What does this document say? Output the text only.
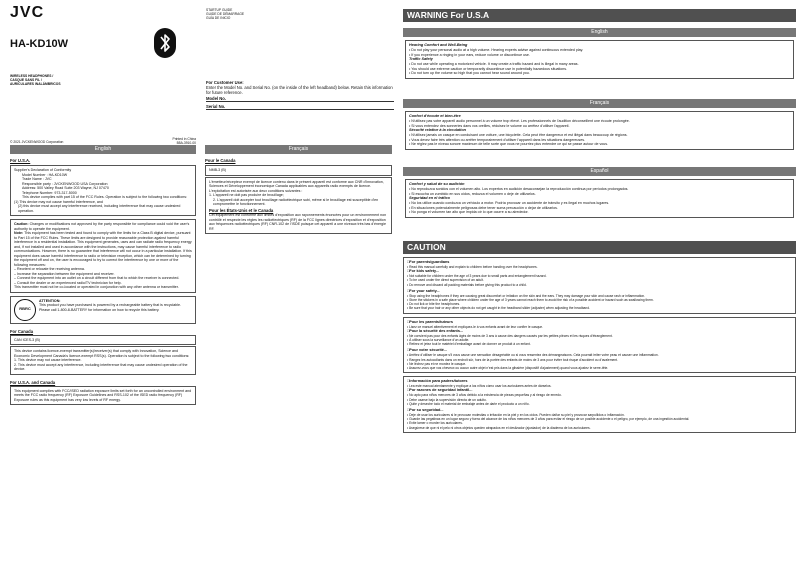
JVC
HA-KD10W

WIRELESS HEADPHONES /

CASQUE SANS FIL /

AURICULARES INALÁMBRICOS

© 2021 JVCKENWOOD Corporation

STARTUP GUIDE

GUIDE DE DÉMARRAGE

GUÍA DE INICIO

Printed in China

B5A-3910-00

For Customer Use:
Enter the Model No. and Serial No. (on the inside of the left headband) below. Retain this information for future reference.
Model No.
Serial No.
English
For U.S.A.

Supplier's Declaration of Conformity

Model Number : HA-KD10W

Trade Name : JVC

Responsible party : JVCKENWOOD USA Corporation

Address: 500 Valley Road Suite 203 Wayne, NJ 07470

Telephone Number: 973-317-5000

This device complies with part 15 of the FCC Rules. Operation is subject to the following two conditions:

(1) This device may not cause harmful interference, and

(2) this device must accept any interference received, including interference that may cause undesired operation.

Caution: Changes or modifications not approved by the party responsible for compliance could void the user's authority to operate the equipment.

Note: This equipment has been tested and found to comply with the limits for a Class B digital device, pursuant to Part 15 of the FCC Rules. These limits are designed to provide reasonable protection against harmful interference in a residential installation. This equipment generates, uses and can radiate radio frequency energy and, if not installed and used in accordance with the instructions, may cause harmful interference to radio communications. However, there is no guarantee that interference will not occur in a particular installation. If this equipment does cause harmful interference to radio or television reception, which can be determined by turning the equipment off and on, the user is encouraged to try to correct the interference by one or more of the following measures:

– Reorient or relocate the receiving antenna.

– Increase the separation between the equipment and receiver.

– Connect the equipment into an outlet on a circuit different from that to which the receiver is connected.

– Consult the dealer or an experienced radio/TV technician for help.

This transmitter must not be co-located or operated in conjunction with any other antenna or transmitter.

RBRC

ATTENTION:

This product you have purchased is powered by a rechargeable battery that is recyclable. Please call 1-800-8-BATTERY for information on how to recycle this battery.

For Canada
CAN ICES-3 (B)

This device contains licence-exempt transmitter(s)/receiver(s) that comply with Innovation, Science and Economic Development Canada's licence-exempt RSS(s). Operation is subject to the following two conditions:

1. This device may not cause interference.

2. This device must accept any interference, including interference that may cause undesired operation of the device.

For U.S.A. and Canada
This equipment complies with FCC/ISED radiation exposure limits set forth for an uncontrolled environment and meets the FCC radio frequency (RF) Exposure Guidelines and RSS-102 of the ISED radio frequency (RF) Exposure rules as this equipment has very low levels of RF energy.
Français
Pour le Canada
NMB-3 (B)

L'émetteur/récepteur exempt de licence contenu dans le présent appareil est conforme aux CNR d'Innovation, Sciences et Développement économique Canada applicables aux appareils radio exempts de licence. L'exploitation est autorisée aux deux conditions suivantes :

1. L'appareil ne doit pas produire de brouillage;

2. L'appareil doit accepter tout brouillage radioélectrique subi, même si le brouillage est susceptible d'en compromettre le fonctionnement.

Pour les États-Unis et le Canada

Cet équipement est conforme aux limites d'exposition aux rayonnements énoncées pour un environnement non contrôlé et respecte les règles les radioélectriques (RF) de la FCC lignes directrices d'exposition et d'exposition aux fréquences radioélectriques (RF) CNR-102 de l'ISDE puisque cet appareil a une niveaux très bas d'énergie RF.

WARNING For U.S.A
English

Hearing Comfort and Well-Being

• Do not play your personal audio at a high volume. Hearing experts advise against continuous extended play.

• If you experience a ringing in your ears, reduce volume or discontinue use.

Traffic Safety

• Do not use while operating a motorized vehicle. It may create a traffic hazard and is illegal in many areas.

• You should use extreme caution or temporarily discontinue use in potentially hazardous situations.

• Do not turn up the volume so high that you cannot hear sound around you.

Français

Confort d'écoute et bien-être

• N'utilisez pas votre appareil audio personnel à un volume trop élevé. Les professionnels de l'audition déconseillent une écoute prolongée.

• Si vous entendez des sonneries dans vos oreilles, réduisez le volume ou arrêtez d'utiliser l'appareil.

Sécurité relative à la circulation

• N'utilisez jamais un casque en conduisant une voiture, une bicyclette. Cela peut être dangereux et est illégal dans beaucoup de régions.

• Vous devez faire très attention ou arrêter temporairement d'utiliser l'appareil dans les situations dangereuses.

• Ne réglez pas le niveau sonore maximum de telle sorte que vous ne pourriez plus entendre ce qui se passe autour de vous.

Español

Confort y salud de su audición

• No reproduzca sonidos con el volumen alto. Los expertos en audición desaconsejan la reproducción continua por períodos prolongados.

• Si escucha un zumbido en sus oídos, reduzca el volumen o deje de utilizarlos.

Seguridad en el tráfico

• No los utilice cuando conduzca un vehículo a motor. Podría provocar un accidente de tránsito y es ilegal en muchos lugares.

• En situaciones potencialmente peligrosas debe tener suma precaución o dejar de utilizarlos.

• No ponga el volumen tan alto que impida oír lo que ocurre a su alrededor.

CAUTION

□For parents/guardians

• Read this manual carefully and explain to children before handing over the headphones.

□For kids safety...

• Not suitable for children under the age of 3 years due to small parts and entanglement hazard.

• To be used under the direct supervision of an adult.

• Do remove and discard all packing materials before giving this product to a child.

□For your safety...

• Stop using the headphones if they are causing great discomfort or irritation on the skin and the ears. They may damage your skin and cause rash or inflammation.

• Store the stickers in a safe place where children under the age of 3 years cannot reach them to avoid the risk of a possible accident or hazard such as swallowing them.

• Do not lick or bite the headphones.

• Be sure that your hair or any other objects do not get caught in the headband slider (adjuster) when adjusting the headband.

□Pour les parents/tuteurs

• Lisez ce manuel attentivement et expliquez-le à vos enfants avant de leur confier le casque.

□Pour la sécurité des enfants...

• Ne convient pas pour des enfants âgés de moins de 3 ans à cause des dangers causés par les petites pièces et les risques d'étranglement.

• À utiliser sous la surveillance d'un adulte.

• Retirez et jetez tout le matériel d'emballage avant de donner ce produit à un enfant.

□Pour votre sécurité...

• Arrêtez d'utiliser le casque s'il vous cause une sensation désagréable ou si vous ressentez des démangeaisons. Cela pourrait irriter votre peau et causer une inflammation.

• Rangez les autocollants dans un endroit sûr, hors de la portée des enfants de moins de 3 ans pour éviter tout risque d'accident ou d'avalement.

• Ne léchez pas et ne mordez le casque.

• Assurez-vous que vos cheveux ou aucun autre objet n'est pris dans la glissière (dispositif d'ajustement) quand vous ajustez le serre-tête.

□Información para padres/tutores

• Lea este manual atentamente y explique a los niños cómo usar los auriculares antes de dárselos.

□Por razones de seguridad infantil...

• No apto para niños menores de 3 años debido a la existencia de piezas pequeñas y al riesgo de enredo.

• Debe usarse bajo la supervisión directa de un adulto.

• Quite y deseche todo el material de embalaje antes de darle el producto a un niño.

□Por su seguridad...

• Deje de usar los auriculares si le provocan molestias o irritación en la piel y en los oídos. Pueden dañar su piel y provocar sarpullidos o inflamación.

• Guarde las pegatinas en un lugar seguro y fuera del alcance de los niños menores de 3 años para evitar el riesgo de un posible accidente o el peligro, por ejemplo, de una ingestión accidental.

• Evite lamer o morder los auriculares.

• Asegúrese de que ni el pelo ni otros objetos queden atrapados en el deslizador (ajustador) de la diadema de los auriculares.
